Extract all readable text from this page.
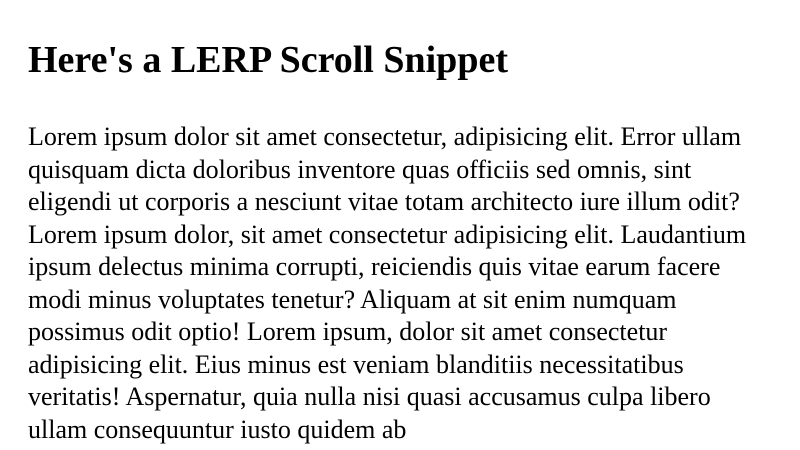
Here's a LERP Scroll Snippet

Lorem ipsum dolor sit amet consectetur, adipisicing elit. Error ullam quisquam dicta doloribus inventore quas officiis sed omnis, sint eligendi ut corporis a nesciunt vitae totam architecto iure illum odit? Lorem ipsum dolor, sit amet consectetur adipisicing elit. Laudantium ipsum delectus minima corrupti, reiciendis quis vitae earum facere modi minus voluptates tenetur? Aliquam at sit enim numquam possimus odit optio! Lorem ipsum, dolor sit amet consectetur adipisicing elit. Eius minus est veniam blanditiis necessitatibus veritatis! Aspernatur, quia nulla nisi quasi accusamus culpa libero ullam consequuntur iusto quidem ab
